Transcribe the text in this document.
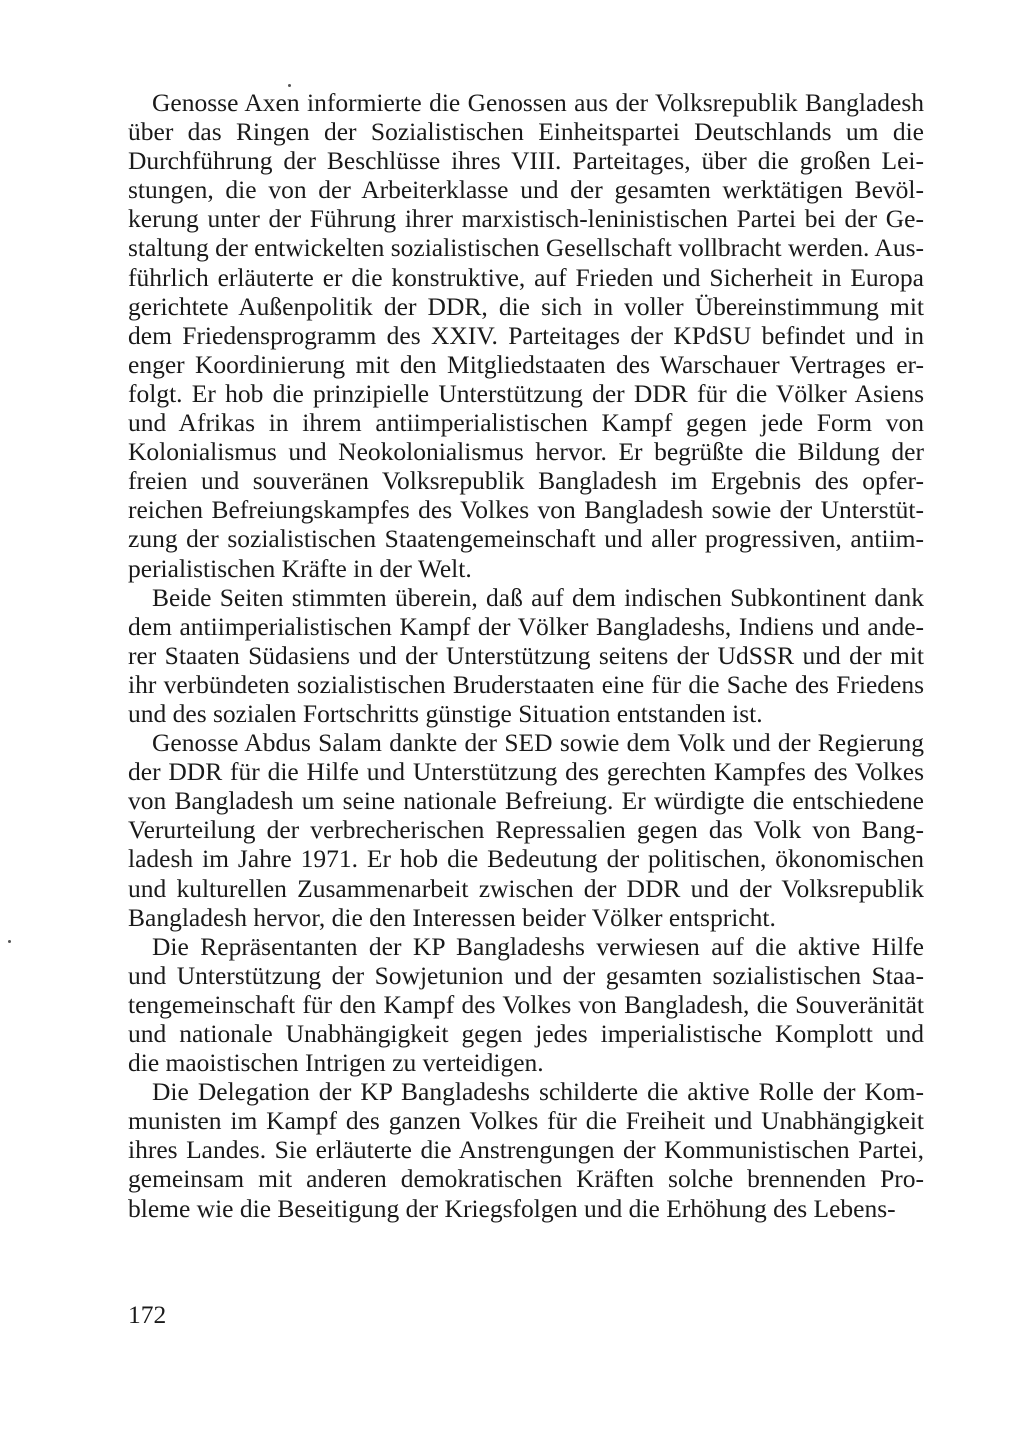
Genosse Axen informierte die Genossen aus der Volksrepublik Bangladesh
über das Ringen der Sozialistischen Einheitspartei Deutschlands um die
Durchführung der Beschlüsse ihres VIII. Parteitages, über die großen Lei-
stungen, die von der Arbeiterklasse und der gesamten werktätigen Bevöl-
kerung unter der Führung ihrer marxistisch-leninistischen Partei bei der Ge-
staltung der entwickelten sozialistischen Gesellschaft vollbracht werden. Aus-
führlich erläuterte er die konstruktive, auf Frieden und Sicherheit in Europa
gerichtete Außenpolitik der DDR, die sich in voller Übereinstimmung mit
dem Friedensprogramm des XXIV. Parteitages der KPdSU befindet und in
enger Koordinierung mit den Mitgliedstaaten des Warschauer Vertrages er-
folgt. Er hob die prinzipielle Unterstützung der DDR für die Völker Asiens
und Afrikas in ihrem antiimperialistischen Kampf gegen jede Form von
Kolonialismus und Neokolonialismus hervor. Er begrüßte die Bildung der
freien und souveränen Volksrepublik Bangladesh im Ergebnis des opfer-
reichen Befreiungskampfes des Volkes von Bangladesh sowie der Unterstüt-
zung der sozialistischen Staatengemeinschaft und aller progressiven, antiim-
perialistischen Kräfte in der Welt.
Beide Seiten stimmten überein, daß auf dem indischen Subkontinent dank
dem antiimperialistischen Kampf der Völker Bangladeshs, Indiens und ande-
rer Staaten Südasiens und der Unterstützung seitens der UdSSR und der mit
ihr verbündeten sozialistischen Bruderstaaten eine für die Sache des Friedens
und des sozialen Fortschritts günstige Situation entstanden ist.
Genosse Abdus Salam dankte der SED sowie dem Volk und der Regierung
der DDR für die Hilfe und Unterstützung des gerechten Kampfes des Volkes
von Bangladesh um seine nationale Befreiung. Er würdigte die entschiedene
Verurteilung der verbrecherischen Repressalien gegen das Volk von Bang-
ladesh im Jahre 1971. Er hob die Bedeutung der politischen, ökonomischen
und kulturellen Zusammenarbeit zwischen der DDR und der Volksrepublik
Bangladesh hervor, die den Interessen beider Völker entspricht.
Die Repräsentanten der KP Bangladeshs verwiesen auf die aktive Hilfe
und Unterstützung der Sowjetunion und der gesamten sozialistischen Staa-
tengemeinschaft für den Kampf des Volkes von Bangladesh, die Souveränität
und nationale Unabhängigkeit gegen jedes imperialistische Komplott und
die maoistischen Intrigen zu verteidigen.
Die Delegation der KP Bangladeshs schilderte die aktive Rolle der Kom-
munisten im Kampf des ganzen Volkes für die Freiheit und Unabhängigkeit
ihres Landes. Sie erläuterte die Anstrengungen der Kommunistischen Partei,
gemeinsam mit anderen demokratischen Kräften solche brennenden Pro-
bleme wie die Beseitigung der Kriegsfolgen und die Erhöhung des Lebens-
172
